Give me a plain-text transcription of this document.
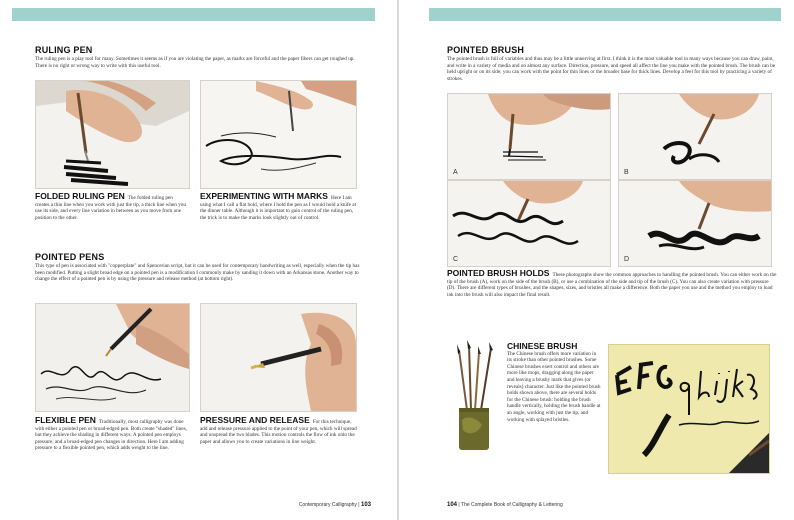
RULING PEN
The ruling pen is a play tool for many. Sometimes it seems as if you are violating the paper, as marks are forceful and the paper fibers can get roughed up. There is no right or wrong way to write with this useful tool.
FOLDED RULING PEN The folded ruling pen creates a thin line when you work with just the tip, a thick line when you use its side, and every line variation in between as you move from one position to the other.
EXPERIMENTING WITH MARKS Here I am using what I call a flat hold, where I hold the pen as I would hold a knife at the dinner table. Although it is important to gain control of the ruling pen, the trick is to make the marks look slightly out of control.
POINTED PENS
This type of pen is associated with "copperplate" and Spencerian script, but it can be used for contemporary handwriting as well, especially when the tip has been modified. Putting a slight broad edge on a pointed pen is a modification I commonly make by sanding it down with an Arkansas stone. Another way to change the effect of a pointed pen is by using the pressure and release method (at bottom right).
FLEXIBLE PEN Traditionally, most calligraphy was done with either a pointed pen or broad-edged pen. Both create "shaded" lines, but they achieve the shading in different ways: A pointed pen employs pressure, and a broad-edged pen changes in direction. Here I am adding pressure to a flexible pointed pen, which adds weight to the line.
PRESSURE AND RELEASE For this technique, add and release pressure applied to the point of your pen, which will spread and unspread the two blades. This motion controls the flow of ink onto the paper and allows you to create variations in line weight.
Contemporary Calligraphy | 103
POINTED BRUSH
The pointed brush is full of variables and thus may be a little unnerving at first. I think it is the most valuable tool in many ways because you can draw, paint, and write in a variety of media and on almost any surface. Direction, pressure, and speed all affect the line you make with the pointed brush. The brush can be held upright or on its side; you can work with the point for thin lines or the broader base for thick lines. Develop a feel for this tool by practicing a variety of strokes.
A	B
C	D
POINTED BRUSH HOLDS These photographs show the common approaches to handling the pointed brush. You can either work on the tip of the brush (A), work on the side of the brush (B), or use a combination of the side and tip of the brush (C). You can also create variation with pressure (D). There are different types of brushes, and the shapes, sizes, and bristles all make a difference. Both the paper you use and the method you employ to load ink into the brush will also impact the final result.
CHINESE BRUSH
The Chinese brush offers more variation in its stroke than other pointed brushes. Some Chinese brushes exert control and others are more like mops, dragging along the paper and leaving a brushy mark that gives (or reveals) character. Just like the pointed brush holds shown above, there are several holds for the Chinese brush: holding the brush handle vertically, holding the brush handle at an angle, working with just the tip, and working with splayed bristles.
104 | The Complete Book of Calligraphy & Lettering
